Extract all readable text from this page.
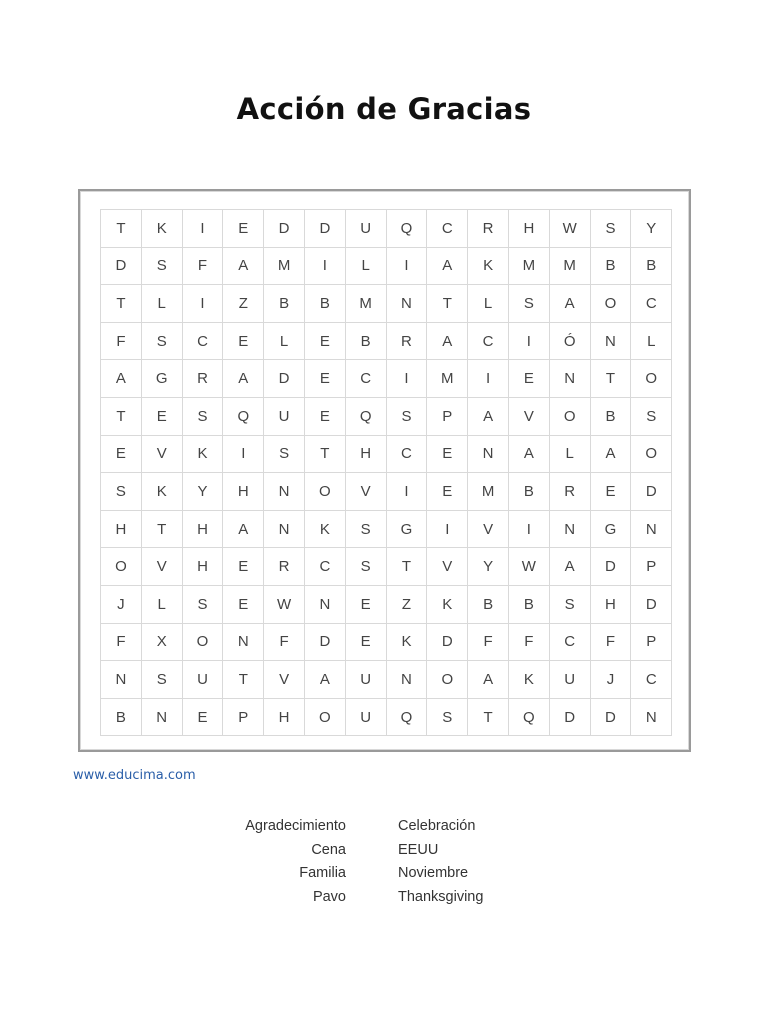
Acción de Gracias
T	K	I	E	D	D	U	Q	C	R	H	W	S	Y
D	S	F	A	M	I	L	I	A	K	M	M	B	B
T	L	I	Z	B	B	M	N	T	L	S	A	O	C
F	S	C	E	L	E	B	R	A	C	I	Ó	N	L
A	G	R	A	D	E	C	I	M	I	E	N	T	O
T	E	S	Q	U	E	Q	S	P	A	V	O	B	S
E	V	K	I	S	T	H	C	E	N	A	L	A	O
S	K	Y	H	N	O	V	I	E	M	B	R	E	D
H	T	H	A	N	K	S	G	I	V	I	N	G	N
O	V	H	E	R	C	S	T	V	Y	W	A	D	P
J	L	S	E	W	N	E	Z	K	B	B	S	H	D
F	X	O	N	F	D	E	K	D	F	F	C	F	P
N	S	U	T	V	A	U	N	O	A	K	U	J	C
B	N	E	P	H	O	U	Q	S	T	Q	D	D	N
www.educima.com
Agradecimiento	Celebración
Cena	EEUU
Familia	Noviembre
Pavo	Thanksgiving
